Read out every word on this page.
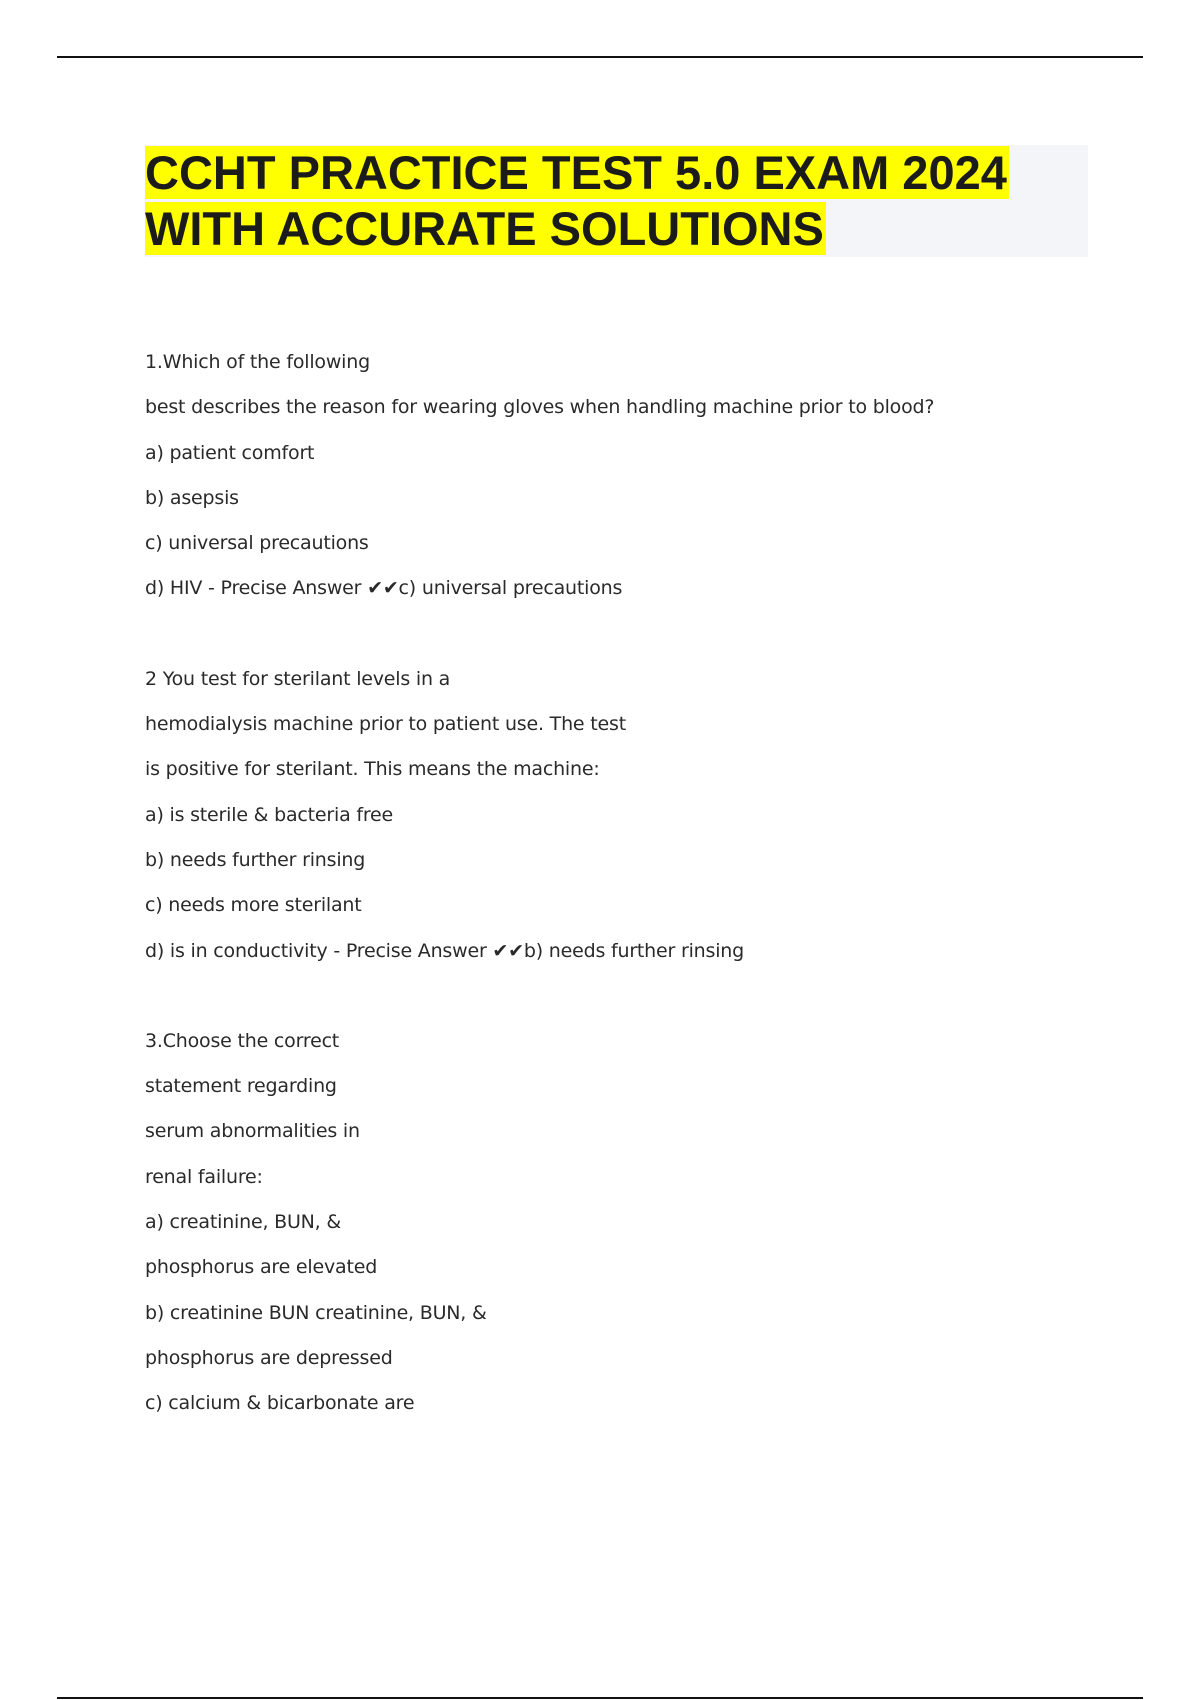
CCHT PRACTICE TEST 5.0 EXAM 2024
WITH ACCURATE SOLUTIONS
1.Which of the following
best describes the reason for wearing gloves when handling machine prior to blood?
a) patient comfort
b) asepsis
c) universal precautions
d) HIV - Precise Answer ✔✔c) universal precautions
2 You test for sterilant levels in a
hemodialysis machine prior to patient use. The test
is positive for sterilant. This means the machine:
a) is sterile & bacteria free
b) needs further rinsing
c) needs more sterilant
d) is in conductivity - Precise Answer ✔✔b) needs further rinsing
3.Choose the correct
statement regarding
serum abnormalities in
renal failure:
a) creatinine, BUN, &
phosphorus are elevated
b) creatinine BUN creatinine, BUN, &
phosphorus are depressed
c) calcium & bicarbonate are
